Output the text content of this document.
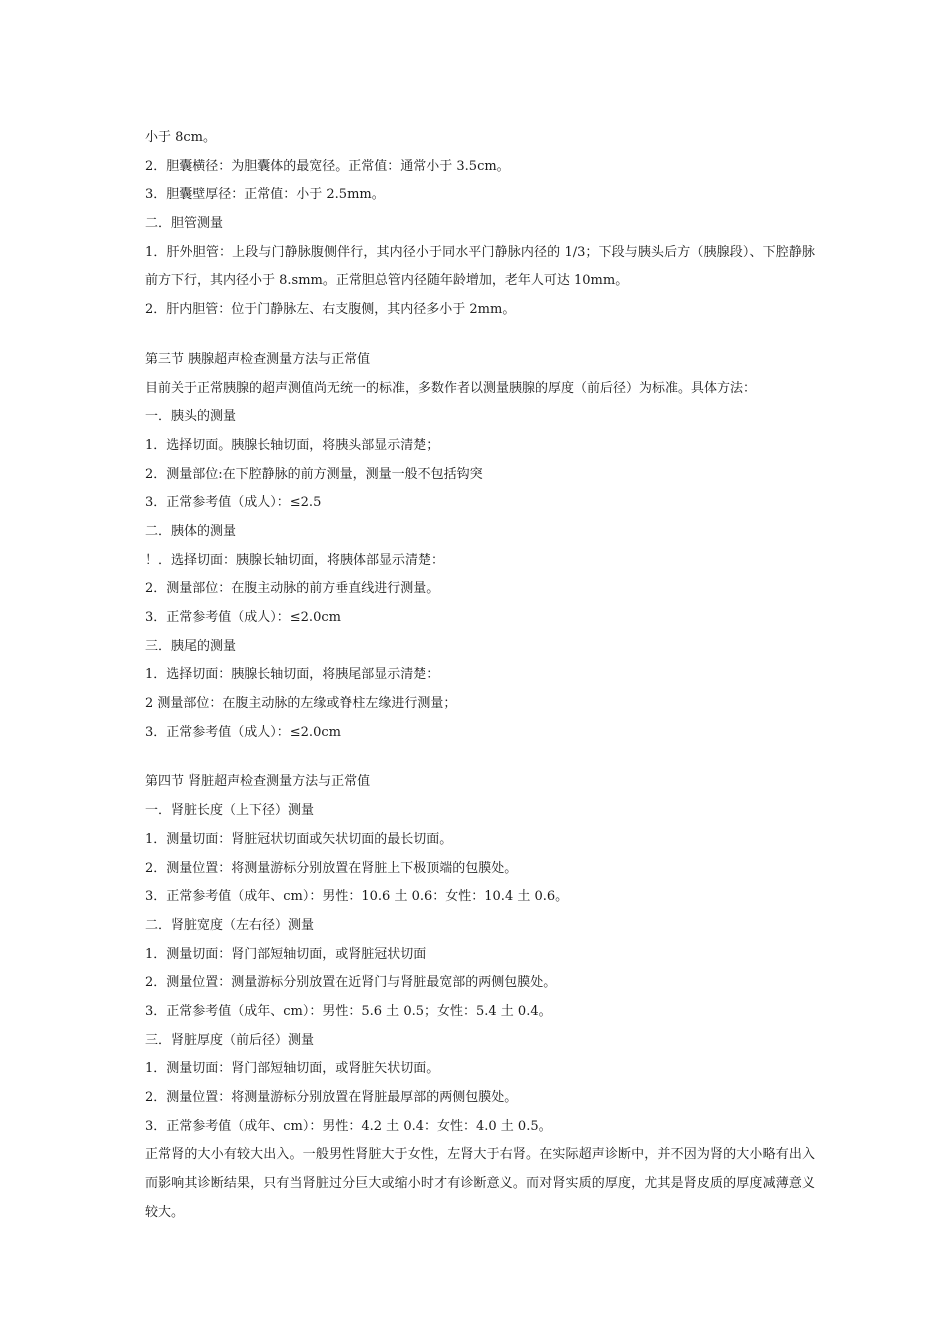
小于 8cm。
2．胆囊横径：为胆囊体的最宽径。正常值：通常小于 3.5cm。
3．胆囊壁厚径：正常值：小于 2.5mm。
二．胆管测量
1．肝外胆管：上段与门静脉腹侧伴行，其内径小于同水平门静脉内径的 1/3；下段与胰头后方（胰腺段）、下腔静脉前方下行，其内径小于 8.smm。正常胆总管内径随年龄增加，老年人可达 10mm。
2．肝内胆管：位于门静脉左、右支腹侧，其内径多小于 2mm。
第三节 胰腺超声检查测量方法与正常值
目前关于正常胰腺的超声测值尚无统一的标准，多数作者以测量胰腺的厚度（前后径）为标准。具体方法：
一．胰头的测量
1．选择切面。胰腺长轴切面，将胰头部显示清楚；
2．测量部位:在下腔静脉的前方测量，测量一般不包括钩突
3．正常参考值（成人）：≤2.5
二．胰体的测量
！．选择切面：胰腺长轴切面，将胰体部显示清楚：
2．测量部位：在腹主动脉的前方垂直线进行测量。
3．正常参考值（成人）：≤2.0cm
三．胰尾的测量
1．选择切面：胰腺长轴切面，将胰尾部显示清楚：
2 测量部位：在腹主动脉的左缘或脊柱左缘进行测量；
3．正常参考值（成人）：≤2.0cm
第四节 肾脏超声检查测量方法与正常值
一．肾脏长度（上下径）测量
1．测量切面：肾脏冠状切面或矢状切面的最长切面。
2．测量位置：将测量游标分别放置在肾脏上下极顶端的包膜处。
3．正常参考值（成年、cm）：男性：10.6 土 0.6：女性：10.4 土 0.6。
二．肾脏宽度（左右径）测量
1．测量切面：肾门部短轴切面，或肾脏冠状切面
2．测量位置：测量游标分别放置在近肾门与肾脏最宽部的两侧包膜处。
3．正常参考值（成年、cm）：男性：5.6 土 0.5；女性：5.4 土 0.4。
三．肾脏厚度（前后径）测量
1．测量切面：肾门部短轴切面，或肾脏矢状切面。
2．测量位置：将测量游标分别放置在肾脏最厚部的两侧包膜处。
3．正常参考值（成年、cm）：男性：4.2 土 0.4：女性：4.0 土 0.5。
正常肾的大小有较大出入。一般男性肾脏大于女性，左肾大于右肾。在实际超声诊断中，并不因为肾的大小略有出入而影响其诊断结果，只有当肾脏过分巨大或缩小时才有诊断意义。而对肾实质的厚度，尤其是肾皮质的厚度减薄意义较大。
